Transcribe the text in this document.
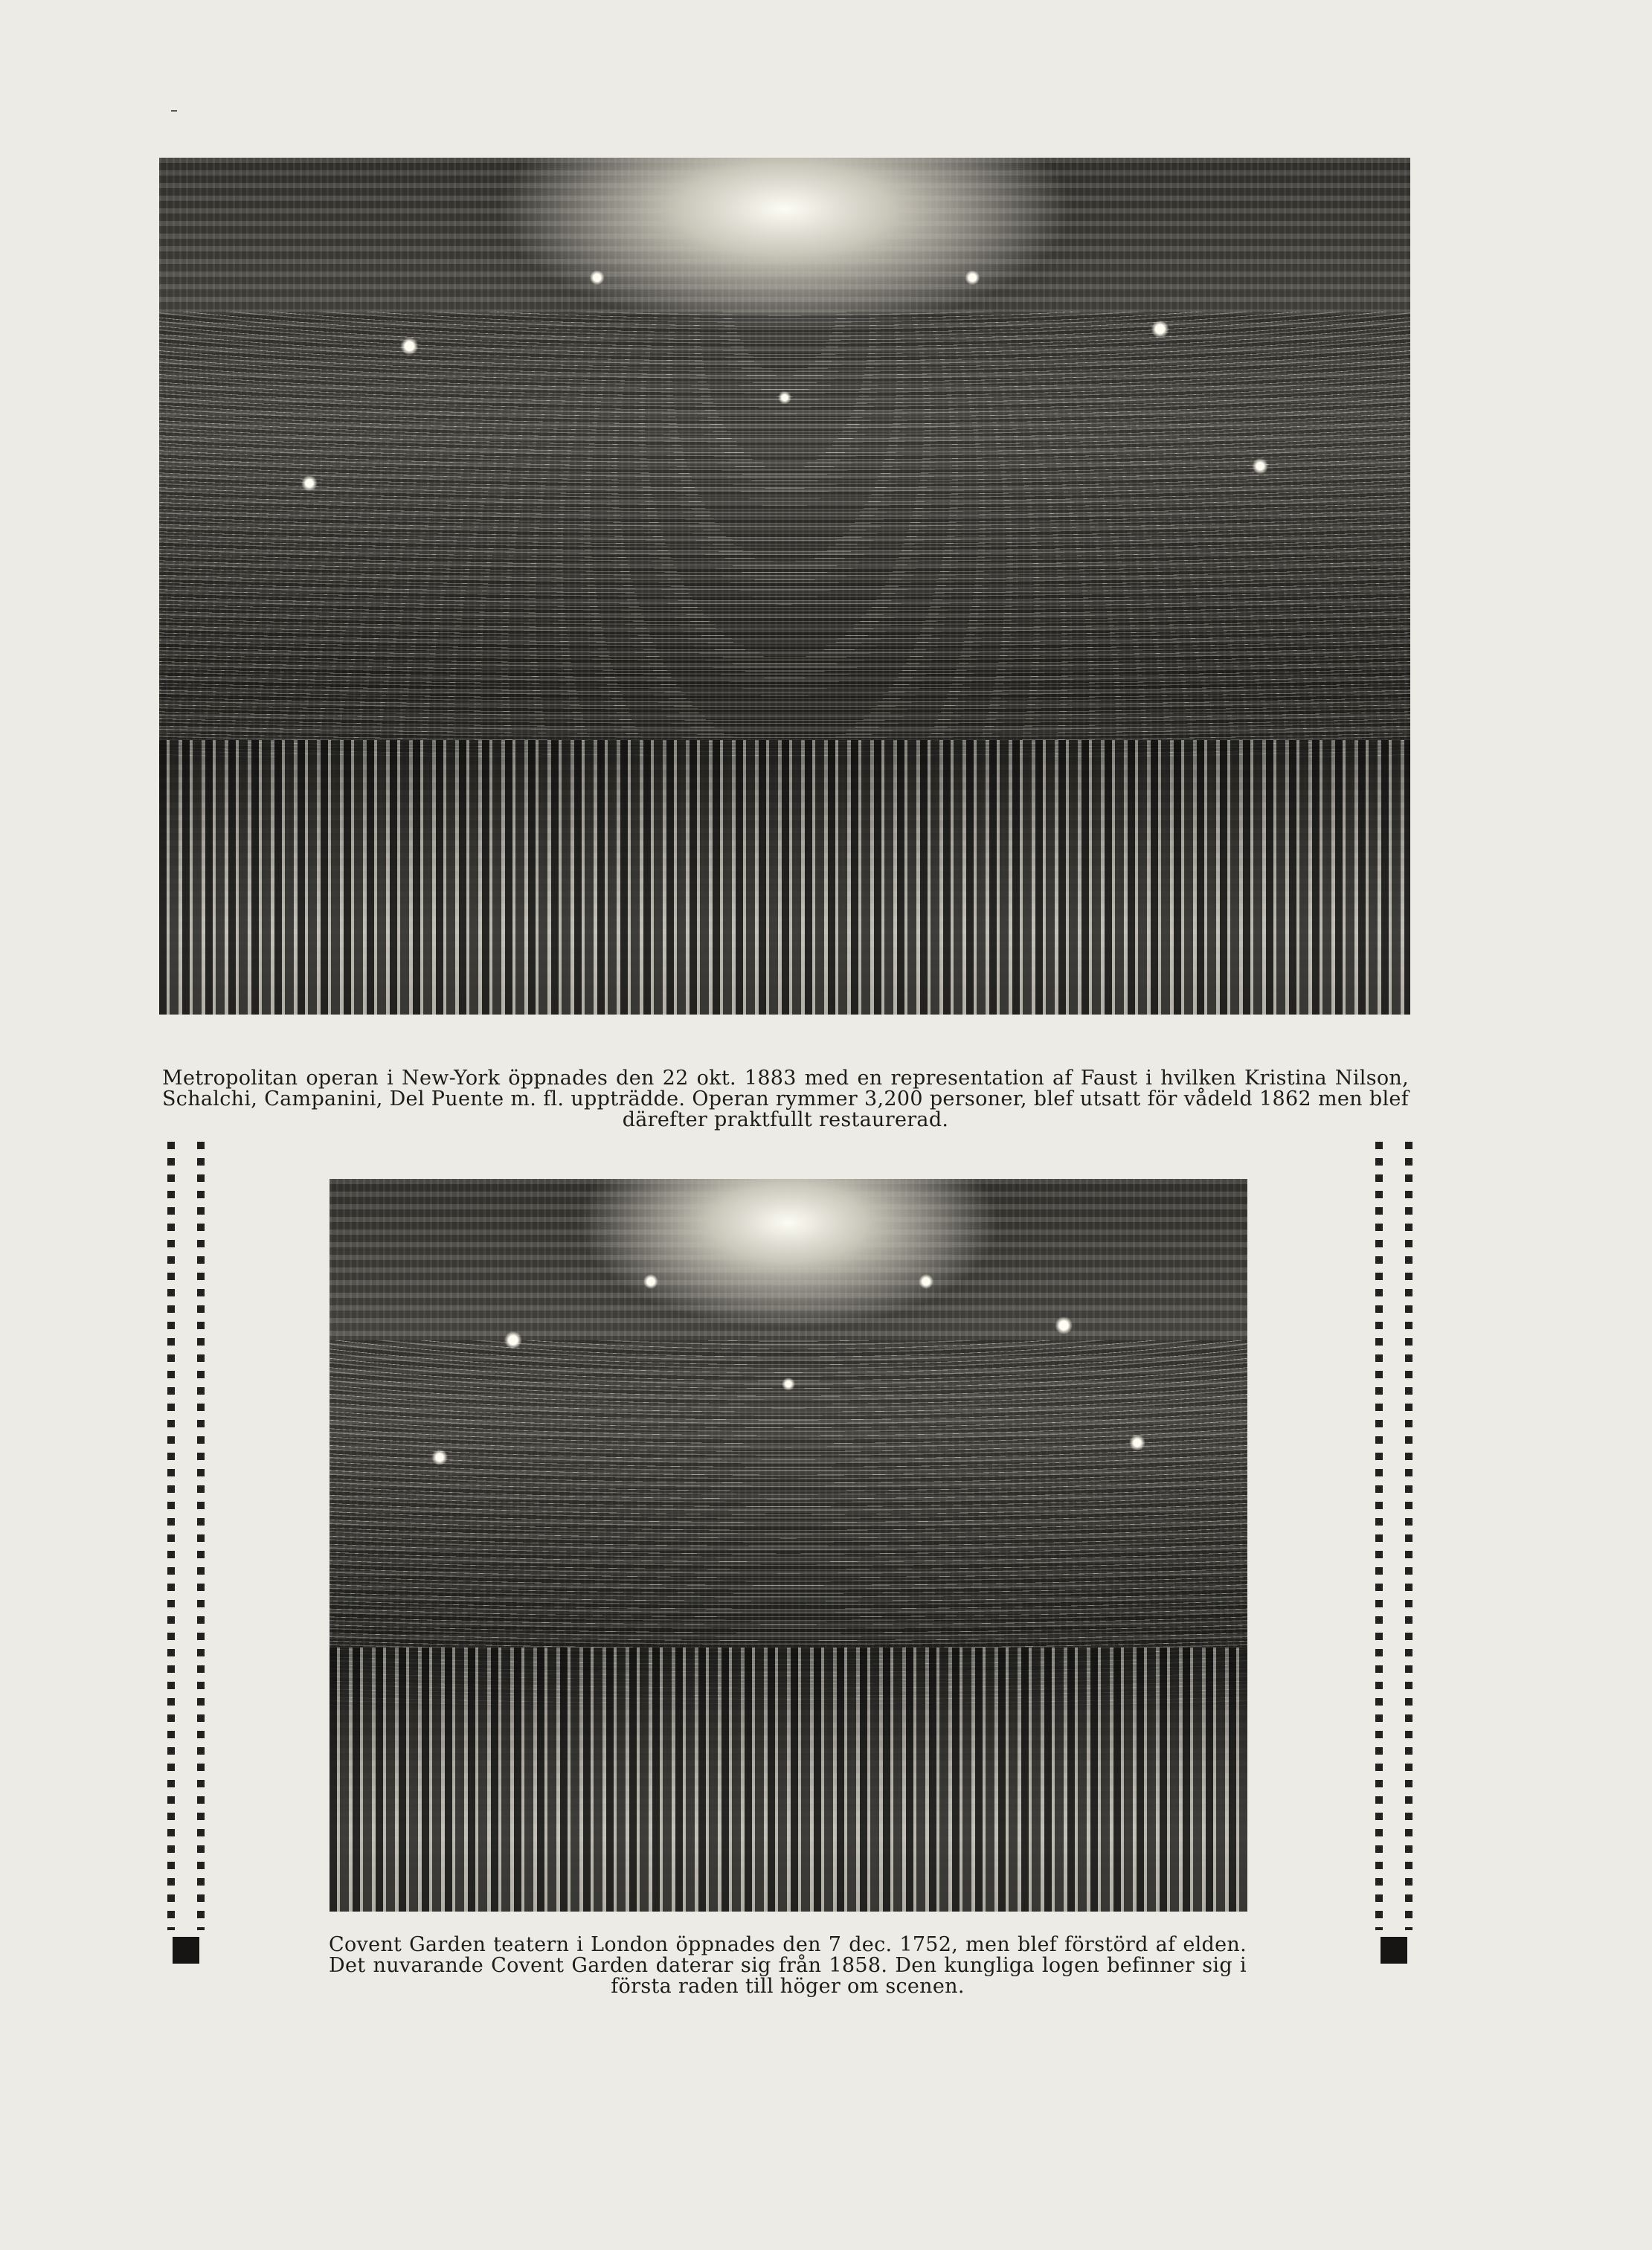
Metropolitan operan i New-York öppnades den 22 okt. 1883 med en representation af Faust i hvilken Kristina Nilson, Schalchi, Campanini, Del Puente m. fl. uppträdde. Operan rymmer 3,200 personer, blef utsatt för vådeld 1862 men blef därefter praktfullt restaurerad.
Covent Garden teatern i London öppnades den 7 dec. 1752, men blef förstörd af elden. Det nuvarande Covent Garden daterar sig från 1858. Den kungliga logen befinner sig i första raden till höger om scenen.
